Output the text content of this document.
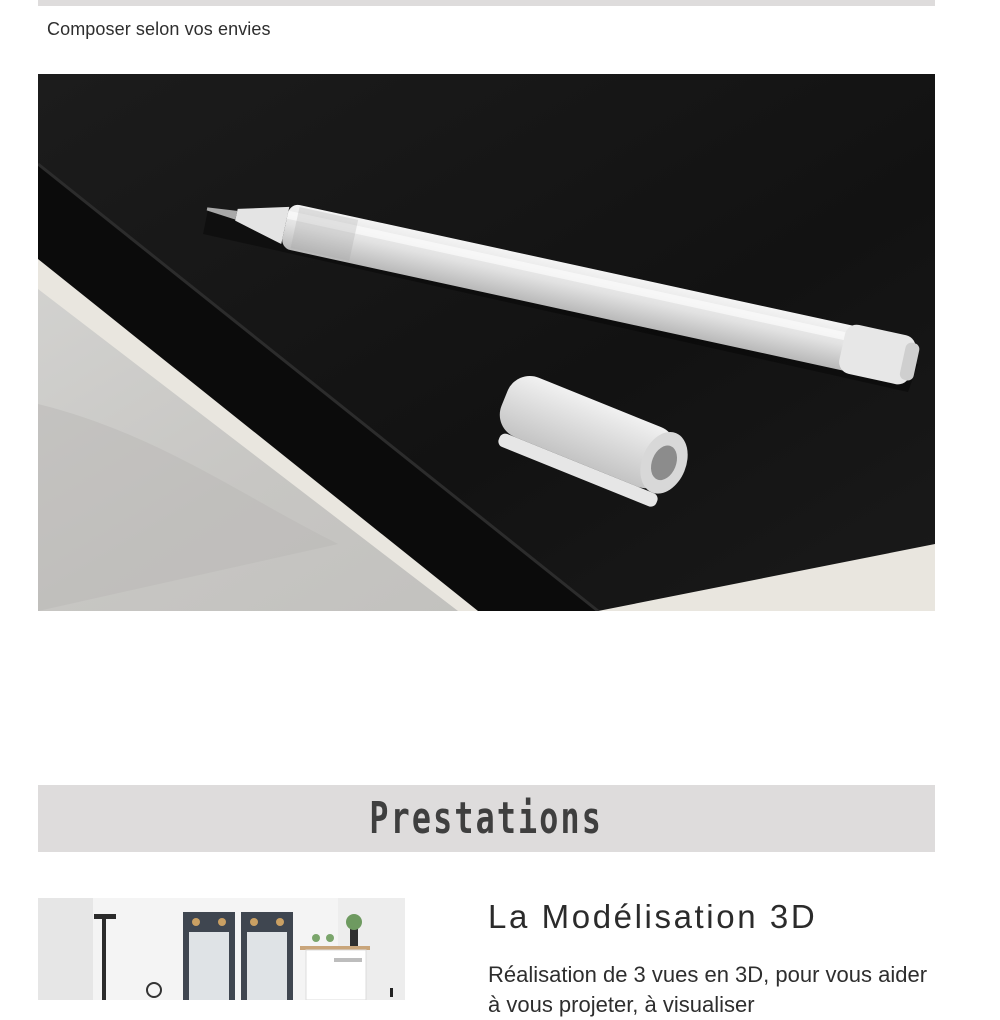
Composer selon vos envies
Prestations
La Modélisation 3D

Réalisation de 3 vues en 3D, pour vous aider à vous projeter, à visualiser
